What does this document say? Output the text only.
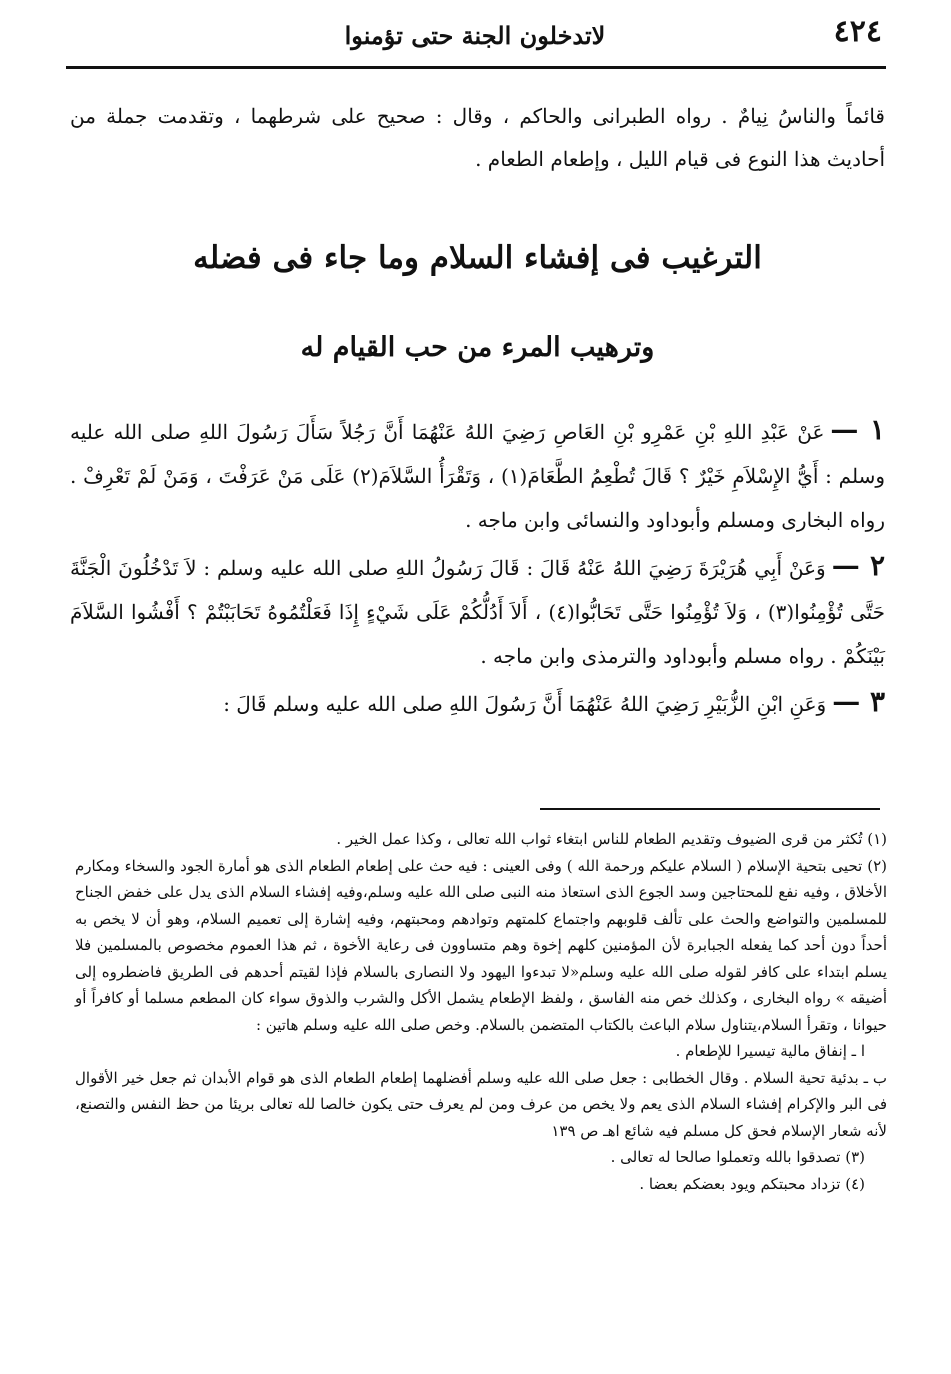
٤٢٤
لاتدخلون الجنة حتى تؤمنوا

قائماً والناسُ نِيامٌ . رواه الطبرانى والحاكم ، وقال : صحيح على شرطهما ، وتقدمت جملة من أحاديث هذا النوع فى قيام الليل ، وإطعام الطعام .

الترغيب فى إفشاء السلام وما جاء فى فضله
وترهيب المرء من حب القيام له

١ —عَنْ عَبْدِ اللهِ بْنِ عَمْرِو بْنِ العَاصِ رَضِيَ اللهُ عَنْهُمَا أَنَّ رَجُلاً سَأَلَ رَسُولَ اللهِ صلى الله عليه وسلم : أَيُّ الإِسْلاَمِ خَيْرٌ ؟ قَالَ تُطْعِمُ الطَّعَامَ(١) ، وَتَقْرَأُ السَّلاَمَ(٢) عَلَى مَنْ عَرَفْتَ ، وَمَنْ لَمْ تَعْرِفْ . رواه البخارى ومسلم وأبوداود والنسائى وابن ماجه .

٢ —وَعَنْ أَبِي هُرَيْرَةَ رَضِيَ اللهُ عَنْهُ قَالَ : قَالَ رَسُولُ اللهِ صلى الله عليه وسلم : لاَ تَدْخُلُونَ الْجَنَّةَ حَتَّى تُؤْمِنُوا(٣) ، وَلاَ تُؤْمِنُوا حَتَّى تَحَابُّوا(٤) ، أَلاَ أَدُلُّكُمْ عَلَى شَيْءٍ إِذَا فَعَلْتُمُوهُ تَحَابَبْتُمْ ؟ أَفْشُوا السَّلاَمَ بَيْنَكُمْ . رواه مسلم وأبوداود والترمذى وابن ماجه .

٣ —وَعَنِ ابْنِ الزُّبَيْرِ رَضِيَ اللهُ عَنْهُمَا أَنَّ رَسُولَ اللهِ صلى الله عليه وسلم قَالَ :

(١) تُكثر من قرى الضيوف وتقديم الطعام للناس ابتغاء ثواب الله تعالى ، وكذا عمل الخير .

(٢) تحيى بتحية الإسلام ( السلام عليكم ورحمة الله ) وفى العينى : فيه حث على إطعام الطعام الذى هو أمارة الجود والسخاء ومكارم الأخلاق ، وفيه نفع للمحتاجين وسد الجوع الذى استعاذ منه النبى صلى الله عليه وسلم،وفيه إفشاء السلام الذى يدل على خفض الجناح للمسلمين والتواضع والحث على تألف قلوبهم واجتماع كلمتهم وتوادهم ومحبتهم، وفيه إشارة إلى تعميم السلام، وهو أن لا يخص به أحداً دون أحد كما يفعله الجبابرة لأن المؤمنين كلهم إخوة وهم متساوون فى رعاية الأخوة ، ثم هذا العموم مخصوص بالمسلمين فلا يسلم ابتداء على كافر لقوله صلى الله عليه وسلم«لا تبدءوا اليهود ولا النصارى بالسلام فإذا لقيتم أحدهم فى الطريق فاضطروه إلى أضيقه » رواه البخارى ، وكذلك خص منه الفاسق ، ولفظ الإطعام يشمل الأكل والشرب والذوق سواء كان المطعم مسلما أو كافراً أو حيوانا ، وتقرأ السلام،يتناول سلام الباعث بالكتاب المتضمن بالسلام. وخص صلى الله عليه وسلم هاتين :

ا ـ إنفاق مالية تيسيرا للإطعام .

ب ـ بدئية تحية السلام . وقال الخطابى : جعل صلى الله عليه وسلم أفضلهما إطعام الطعام الذى هو قوام الأبدان ثم جعل خير الأقوال فى البر والإكرام إفشاء السلام الذى يعم ولا يخص من عرف ومن لم يعرف حتى يكون خالصا لله تعالى بريئا من حظ النفس والتصنع، لأنه شعار الإسلام فحق كل مسلم فيه شائع اهـ ص ١٣٩

(٣) تصدقوا بالله وتعملوا صالحا له تعالى .

(٤) تزداد محبتكم ويود بعضكم بعضا .
